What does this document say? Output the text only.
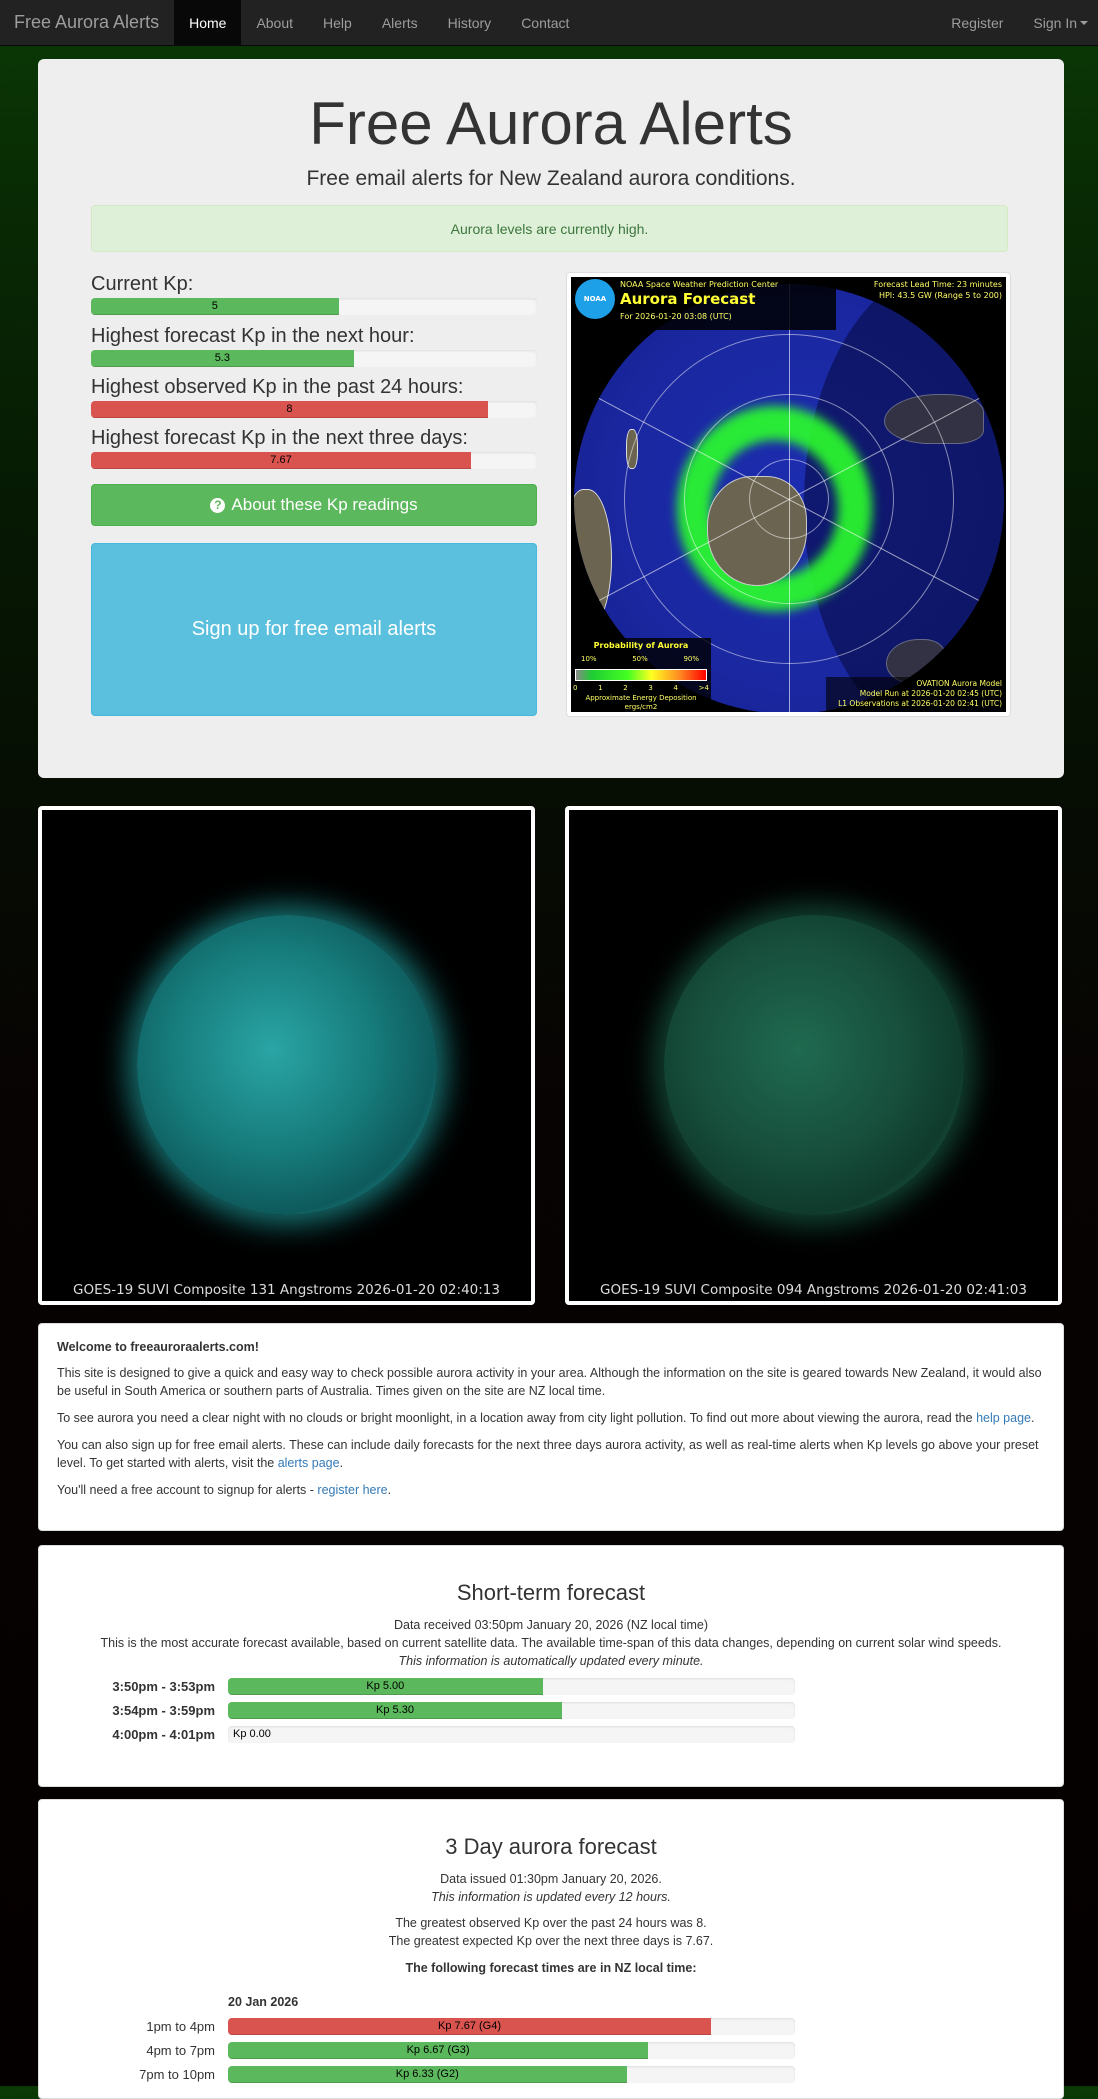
Free Aurora Alerts	Home	About	Help	Alerts	History	Contact	Register	Sign In
Free Aurora Alerts

Free email alerts for New Zealand aurora conditions.

Aurora levels are currently high.
Current Kp:
5
Highest forecast Kp in the next hour:
5.3
Highest observed Kp in the past 24 hours:
8
Highest forecast Kp in the next three days:
7.67
? About these Kp readings
Sign up for free email alerts
NOAA
NOAA Space Weather Prediction Center
Aurora Forecast
For 2026-01-20 03:08 (UTC)
Forecast Lead Time: 23 minutes
HPI: 43.5 GW (Range 5 to 200)
Probability of Aurora
10%	50%	90%
0	1	2	3	4	>4
Approximate Energy Deposition
ergs/cm2
OVATION Aurora Model
Model Run at 2026-01-20 02:45 (UTC)
L1 Observations at 2026-01-20 02:41 (UTC)
GOES-19 SUVI Composite 131 Angstroms 2026-01-20 02:40:13	GOES-19 SUVI Composite 094 Angstroms 2026-01-20 02:41:03
Welcome to freeauroraalerts.com!

This site is designed to give a quick and easy way to check possible aurora activity in your area. Although the information on the site is geared towards New Zealand, it would also be useful in South America or southern parts of Australia. Times given on the site are NZ local time.

To see aurora you need a clear night with no clouds or bright moonlight, in a location away from city light pollution. To find out more about viewing the aurora, read the help page.

You can also sign up for free email alerts. These can include daily forecasts for the next three days aurora activity, as well as real-time alerts when Kp levels go above your preset level. To get started with alerts, visit the alerts page.

You'll need a free account to signup for alerts - register here.

Short-term forecast
Data received 03:50pm January 20, 2026 (NZ local time)
This is the most accurate forecast available, based on current satellite data. The available time-span of this data changes, depending on current solar wind speeds.
This information is automatically updated every minute.
3:50pm - 3:53pm	Kp 5.00
3:54pm - 3:59pm	Kp 5.30
4:00pm - 4:01pm	Kp 0.00
3 Day aurora forecast
Data issued 01:30pm January 20, 2026.
This information is updated every 12 hours.
The greatest observed Kp over the past 24 hours was 8.
The greatest expected Kp over the next three days is 7.67.
The following forecast times are in NZ local time:
20 Jan 2026
1pm to 4pm	Kp 7.67 (G4)
4pm to 7pm	Kp 6.67 (G3)
7pm to 10pm	Kp 6.33 (G2)
